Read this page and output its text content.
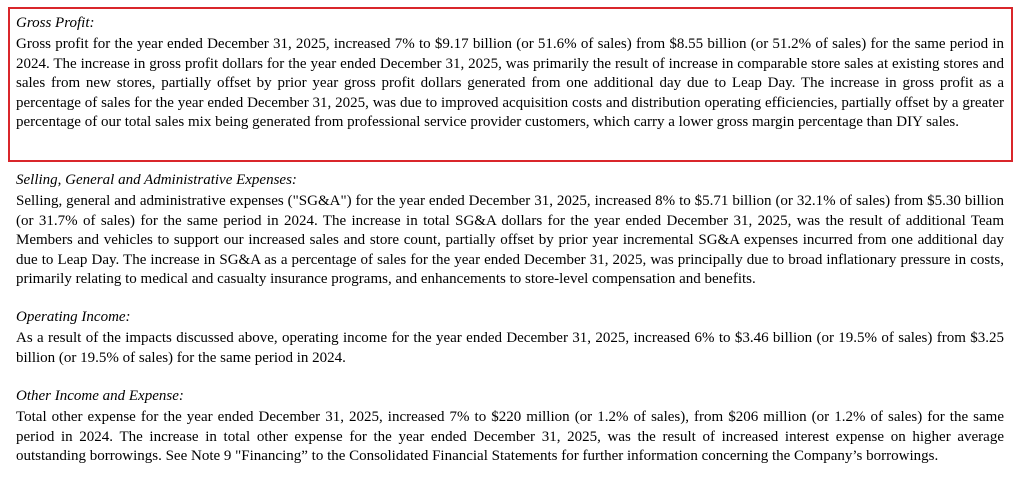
Gross Profit:

Gross profit for the year ended December 31, 2025, increased 7% to $9.17 billion (or 51.6% of sales) from $8.55 billion (or 51.2% of sales) for the same period in 2024. The increase in gross profit dollars for the year ended December 31, 2025, was primarily the result of increase in comparable store sales at existing stores and sales from new stores, partially offset by prior year gross profit dollars generated from one additional day due to Leap Day. The increase in gross profit as a percentage of sales for the year ended December 31, 2025, was due to improved acquisition costs and distribution operating efficiencies, partially offset by a greater percentage of our total sales mix being generated from professional service provider customers, which carry a lower gross margin percentage than DIY sales.

Selling, General and Administrative Expenses:

Selling, general and administrative expenses ("SG&A") for the year ended December 31, 2025, increased 8% to $5.71 billion (or 32.1% of sales) from $5.30 billion (or 31.7% of sales) for the same period in 2024. The increase in total SG&A dollars for the year ended December 31, 2025, was the result of additional Team Members and vehicles to support our increased sales and store count, partially offset by prior year incremental SG&A expenses incurred from one additional day due to Leap Day. The increase in SG&A as a percentage of sales for the year ended December 31, 2025, was principally due to broad inflationary pressure in costs, primarily relating to medical and casualty insurance programs, and enhancements to store-level compensation and benefits.

Operating Income:

As a result of the impacts discussed above, operating income for the year ended December 31, 2025, increased 6% to $3.46 billion (or 19.5% of sales) from $3.25 billion (or 19.5% of sales) for the same period in 2024.

Other Income and Expense:

Total other expense for the year ended December 31, 2025, increased 7% to $220 million (or 1.2% of sales), from $206 million (or 1.2% of sales) for the same period in 2024. The increase in total other expense for the year ended December 31, 2025, was the result of increased interest expense on higher average outstanding borrowings. See Note 9 "Financing” to the Consolidated Financial Statements for further information concerning the Company’s borrowings.
